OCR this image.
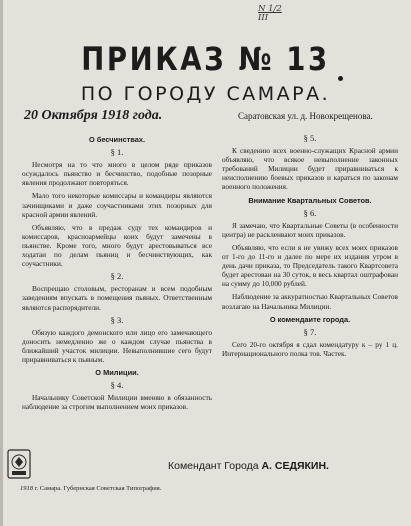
N 1/2
III
ПРИКАЗ № 13
ПО ГОРОДУ САМАРА.
20 Октября 1918 года.	Саратовская ул. д. Новокрещенова.
О бесчинствах.
§ 1.

Несмотря на то что много в целом ряде приказов осуждалось пьянство и бесчинство, подобные позорные явления продолжают повторяться.

Мало того некоторые комиссары и командиры являются зачинщиками и даже соучастниками этих позорных для красной армии явлений.

Объявляю, что в предаж суду тех командиров и комиссаров, красноармейцы коих будут замечены в пьянстве. Кроме того, много будут арестовываться все ходатаи по делам пьяниц и бесчинствующих, как соучастники.

§ 2.

Воспрещаю столовым, ресторанам и всем подобным заведениям впускать в помещения пьяных. Ответственным являются распорядители.

§ 3.

Обязую каждого демонского или лицо его замечающего доносить немедленно же о каждом случае пьянства в ближайший участок милиции. Невыполнившие сего будут приравниваться к пьяным.

О Милиции.
§ 4.

Начальнику Советской Милиции вменяю в обязанность наблюдение за строгим выполнением моих приказов.

§ 5.

К сведению всех военно-служащих Красной армии объявляю, что всякое невыполнение законных требований Милиции будет приравниваться к неисполнению боевых приказов и караться по законам военного положения.

Внимание Квартальных Советов.
§ 6.

Я замечаю, что Квартальные Советы (в особенности центра) не раскленвают моих приказов.

Объявляю, что если я не увижу всех моих приказов от 1-го до 11-го и далее по мере их издания утром в день дачи приказа, то Председатель такого Квартсовета будет арестован на 30 суток, в весь квартал оштрафован на сумму до 10,000 рублей.

Наблюдение за аккуратностью Квартальных Советов возлагаю на Начальника Милиции.

О комендаите города.
§ 7.

Сего 20-го октября я сдал комендатуру к – ру 1 ц. Интернационального полка тов. Частек.

Комендант Города А. СЕДЯКИН.
1918 г. Самара. Губернская Советская Типография.
